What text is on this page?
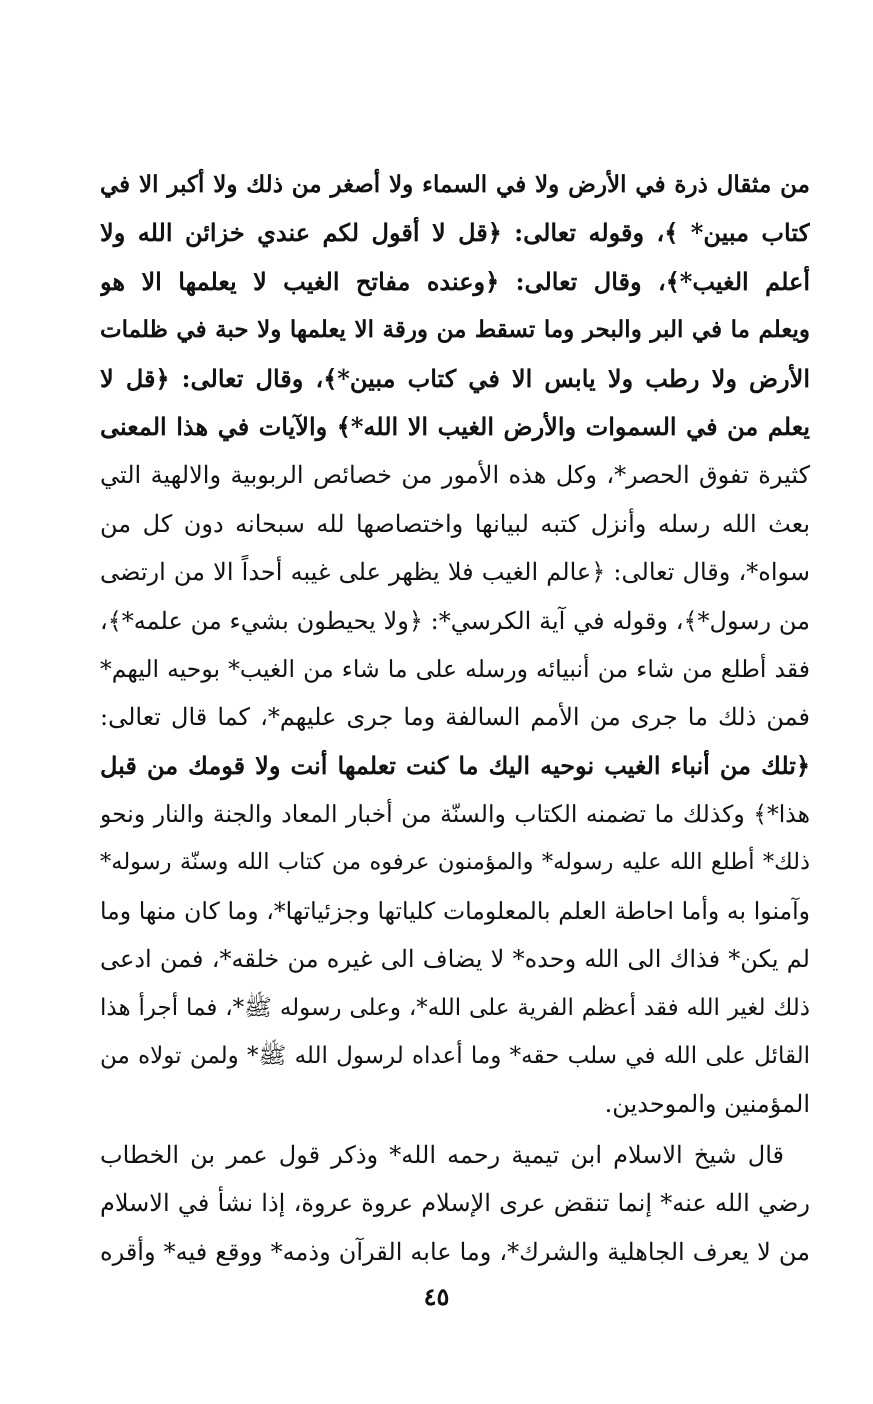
من مثقال ذرة في الأرض ولا في السماء ولا أصغر من ذلك ولا أكبر الا في
كتاب مبين* ﴾، وقوله تعالى: ﴿قل لا أقول لكم عندي خزائن الله ولا
أعلم الغيب*﴾، وقال تعالى: ﴿وعنده مفاتح الغيب لا يعلمها الا هو
ويعلم ما في البر والبحر وما تسقط من ورقة الا يعلمها ولا حبة في ظلمات
الأرض ولا رطب ولا يابس الا في كتاب مبين*﴾، وقال تعالى: ﴿قل لا
يعلم من في السموات والأرض الغيب الا الله*﴾ والآيات في هذا المعنى
كثيرة تفوق الحصر*، وكل هذه الأمور من خصائص الربوبية والالهية التي
بعث الله رسله وأنزل كتبه لبيانها واختصاصها لله سبحانه دون كل من
سواه*، وقال تعالى: ﴿عالم الغيب فلا يظهر على غيبه أحداً الا من ارتضى
من رسول*﴾، وقوله في آية الكرسي*: ﴿ولا يحيطون بشيء من علمه*﴾،
فقد أطلع من شاء من أنبيائه ورسله على ما شاء من الغيب* بوحيه اليهم*
فمن ذلك ما جرى من الأمم السالفة وما جرى عليهم*، كما قال تعالى:
﴿تلك من أنباء الغيب نوحيه اليك ما كنت تعلمها أنت ولا قومك من قبل
هذا*﴾ وكذلك ما تضمنه الكتاب والسنّة من أخبار المعاد والجنة والنار ونحو
ذلك* أطلع الله عليه رسوله* والمؤمنون عرفوه من كتاب الله وسنّة رسوله*
وآمنوا به وأما احاطة العلم بالمعلومات كلياتها وجزئياتها*، وما كان منها وما
لم يكن* فذاك الى الله وحده* لا يضاف الى غيره من خلقه*، فمن ادعى
ذلك لغير الله فقد أعظم الفرية على الله*، وعلى رسوله ﷺ*، فما أجرأ هذا
القائل على الله في سلب حقه* وما أعداه لرسول الله ﷺ* ولمن تولاه من
المؤمنين والموحدين.
قال شيخ الاسلام ابن تيمية رحمه الله* وذكر قول عمر بن الخطاب
رضي الله عنه* إنما تنقض عرى الإسلام عروة عروة، إذا نشأ في الاسلام
من لا يعرف الجاهلية والشرك*، وما عابه القرآن وذمه* ووقع فيه* وأقره
٤٥
